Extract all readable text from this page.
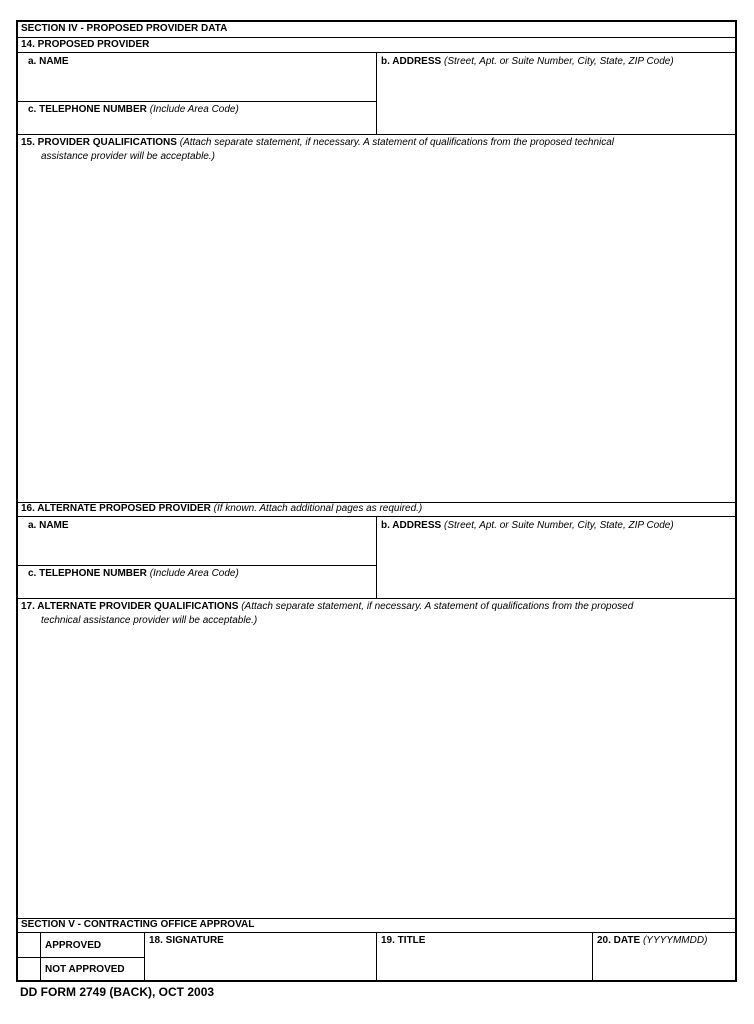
SECTION IV - PROPOSED PROVIDER DATA
14. PROPOSED PROVIDER
a. NAME	b. ADDRESS (Street, Apt. or Suite Number, City, State, ZIP Code)
c. TELEPHONE NUMBER (Include Area Code)
15. PROVIDER QUALIFICATIONS (Attach separate statement, if necessary. A statement of qualifications from the proposed technical
assistance provider will be acceptable.)
16. ALTERNATE PROPOSED PROVIDER (If known. Attach additional pages as required.)
a. NAME	b. ADDRESS (Street, Apt. or Suite Number, City, State, ZIP Code)
c. TELEPHONE NUMBER (Include Area Code)
17. ALTERNATE PROVIDER QUALIFICATIONS (Attach separate statement, if necessary. A statement of qualifications from the proposed
technical assistance provider will be acceptable.)
SECTION V - CONTRACTING OFFICE APPROVAL
APPROVED
NOT APPROVED
18. SIGNATURE	19. TITLE	20. DATE (YYYYMMDD)
DD FORM 2749 (BACK), OCT 2003
